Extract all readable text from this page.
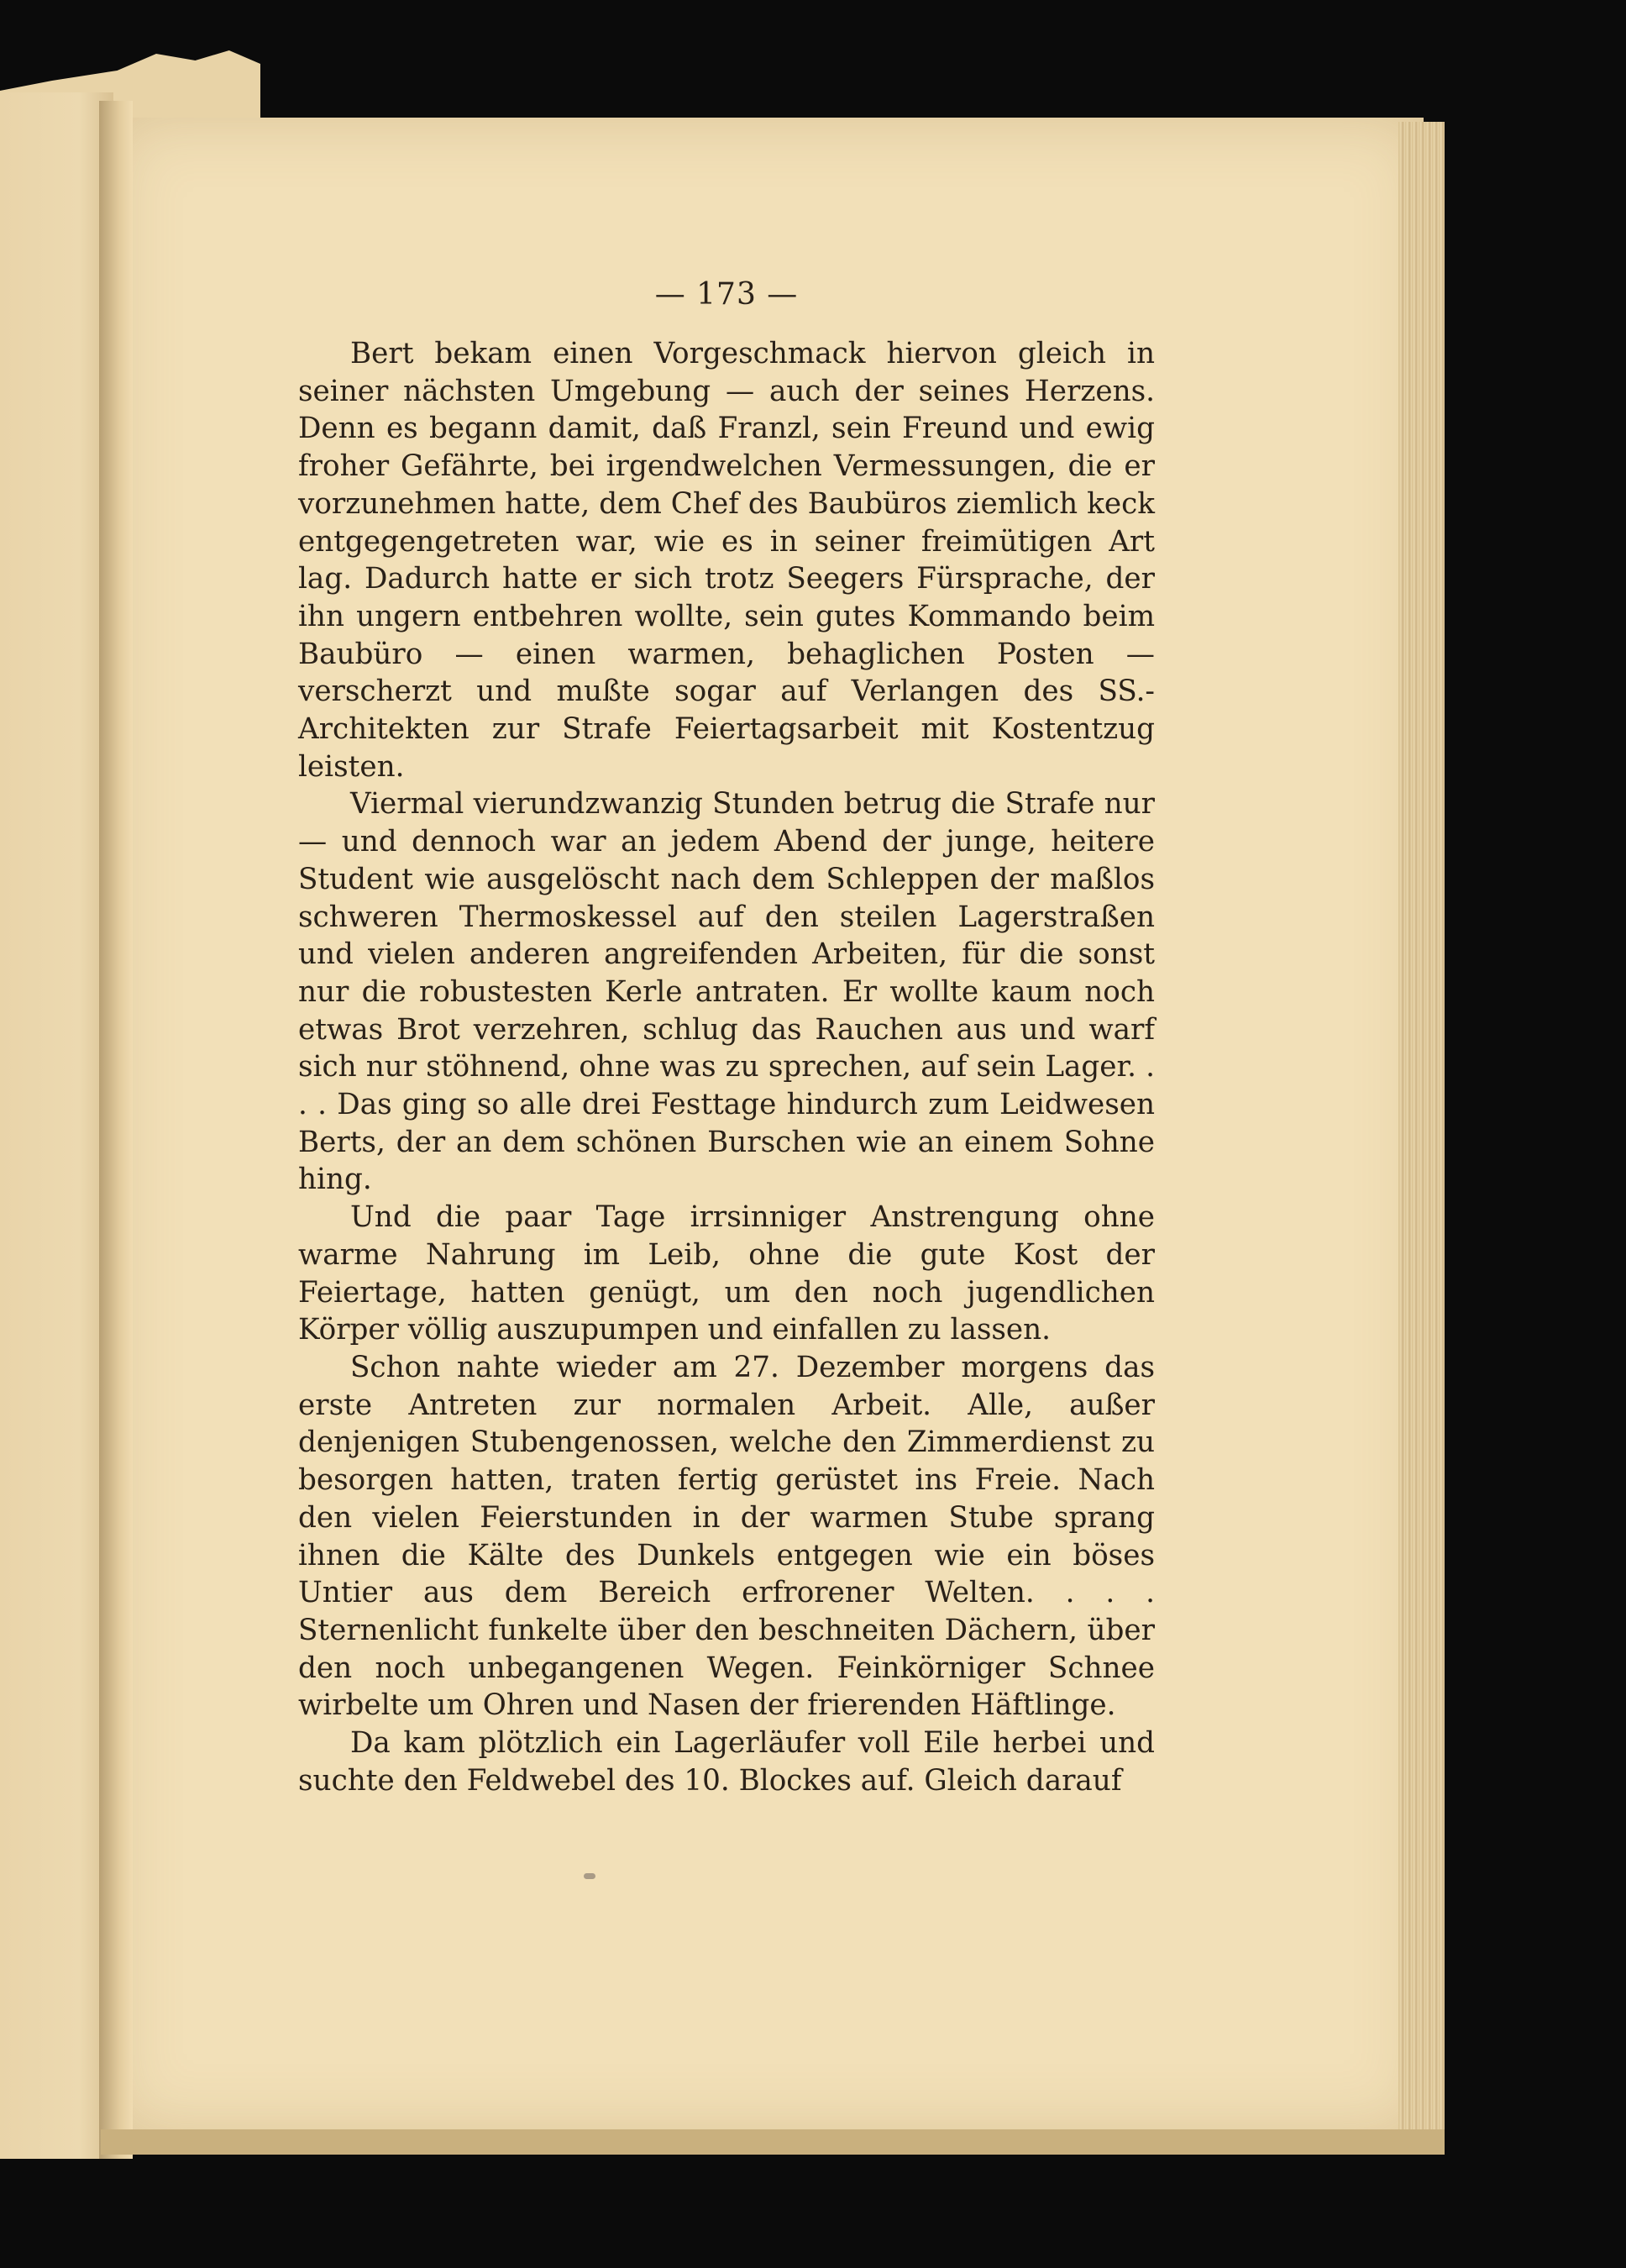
— 173 —

Bert bekam einen Vorgeschmack hiervon gleich in seiner nächsten Umgebung — auch der seines Herzens. Denn es begann damit, daß Franzl, sein Freund und ewig froher Gefährte, bei irgendwelchen Vermessungen, die er vorzunehmen hatte, dem Chef des Baubüros ziemlich keck entgegengetreten war, wie es in seiner freimütigen Art lag. Dadurch hatte er sich trotz Seegers Fürsprache, der ihn ungern entbehren wollte, sein gutes Kommando beim Baubüro — einen warmen, behaglichen Posten — verscherzt und mußte sogar auf Verlangen des SS.-Architekten zur Strafe Feiertagsarbeit mit Kostentzug leisten.

Viermal vierundzwanzig Stunden betrug die Strafe nur — und dennoch war an jedem Abend der junge, heitere Student wie ausgelöscht nach dem Schleppen der maßlos schweren Thermoskessel auf den steilen Lagerstraßen und vielen anderen angreifenden Arbeiten, für die sonst nur die robustesten Kerle antraten. Er wollte kaum noch etwas Brot verzehren, schlug das Rauchen aus und warf sich nur stöhnend, ohne was zu sprechen, auf sein Lager. . . . Das ging so alle drei Festtage hindurch zum Leidwesen Berts, der an dem schönen Burschen wie an einem Sohne hing.

Und die paar Tage irrsinniger Anstrengung ohne warme Nahrung im Leib, ohne die gute Kost der Feiertage, hatten genügt, um den noch jugendlichen Körper völlig auszupumpen und einfallen zu lassen.

Schon nahte wieder am 27. Dezember morgens das erste Antreten zur normalen Arbeit. Alle, außer denjenigen Stubengenossen, welche den Zimmerdienst zu besorgen hatten, traten fertig gerüstet ins Freie. Nach den vielen Feierstunden in der warmen Stube sprang ihnen die Kälte des Dunkels entgegen wie ein böses Untier aus dem Bereich erfrorener Welten. . . . Sternenlicht funkelte über den beschneiten Dächern, über den noch unbegangenen Wegen. Feinkörniger Schnee wirbelte um Ohren und Nasen der frierenden Häftlinge.

Da kam plötzlich ein Lagerläufer voll Eile herbei und suchte den Feldwebel des 10. Blockes auf. Gleich darauf
